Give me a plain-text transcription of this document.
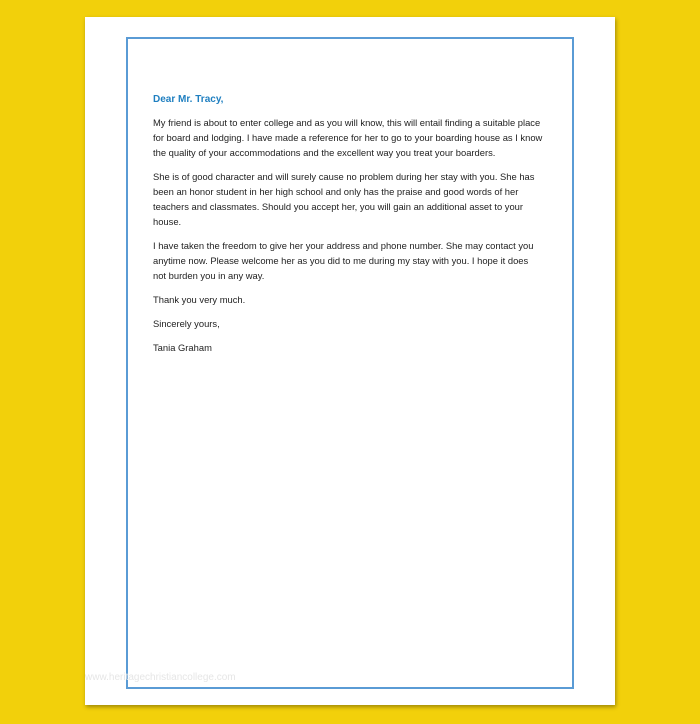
Dear Mr. Tracy,

My friend is about to enter college and as you will know, this will entail finding a suitable place for board and lodging. I have made a reference for her to go to your boarding house as I know the quality of your accommodations and the excellent way you treat your boarders.

She is of good character and will surely cause no problem during her stay with you. She has been an honor student in her high school and only has the praise and good words of her teachers and classmates. Should you accept her, you will gain an additional asset to your house.

I have taken the freedom to give her your address and phone number. She may contact you anytime now. Please welcome her as you did to me during my stay with you. I hope it does not burden you in any way.

Thank you very much.

Sincerely yours,

Tania Graham

www.heritagechristiancollege.com
